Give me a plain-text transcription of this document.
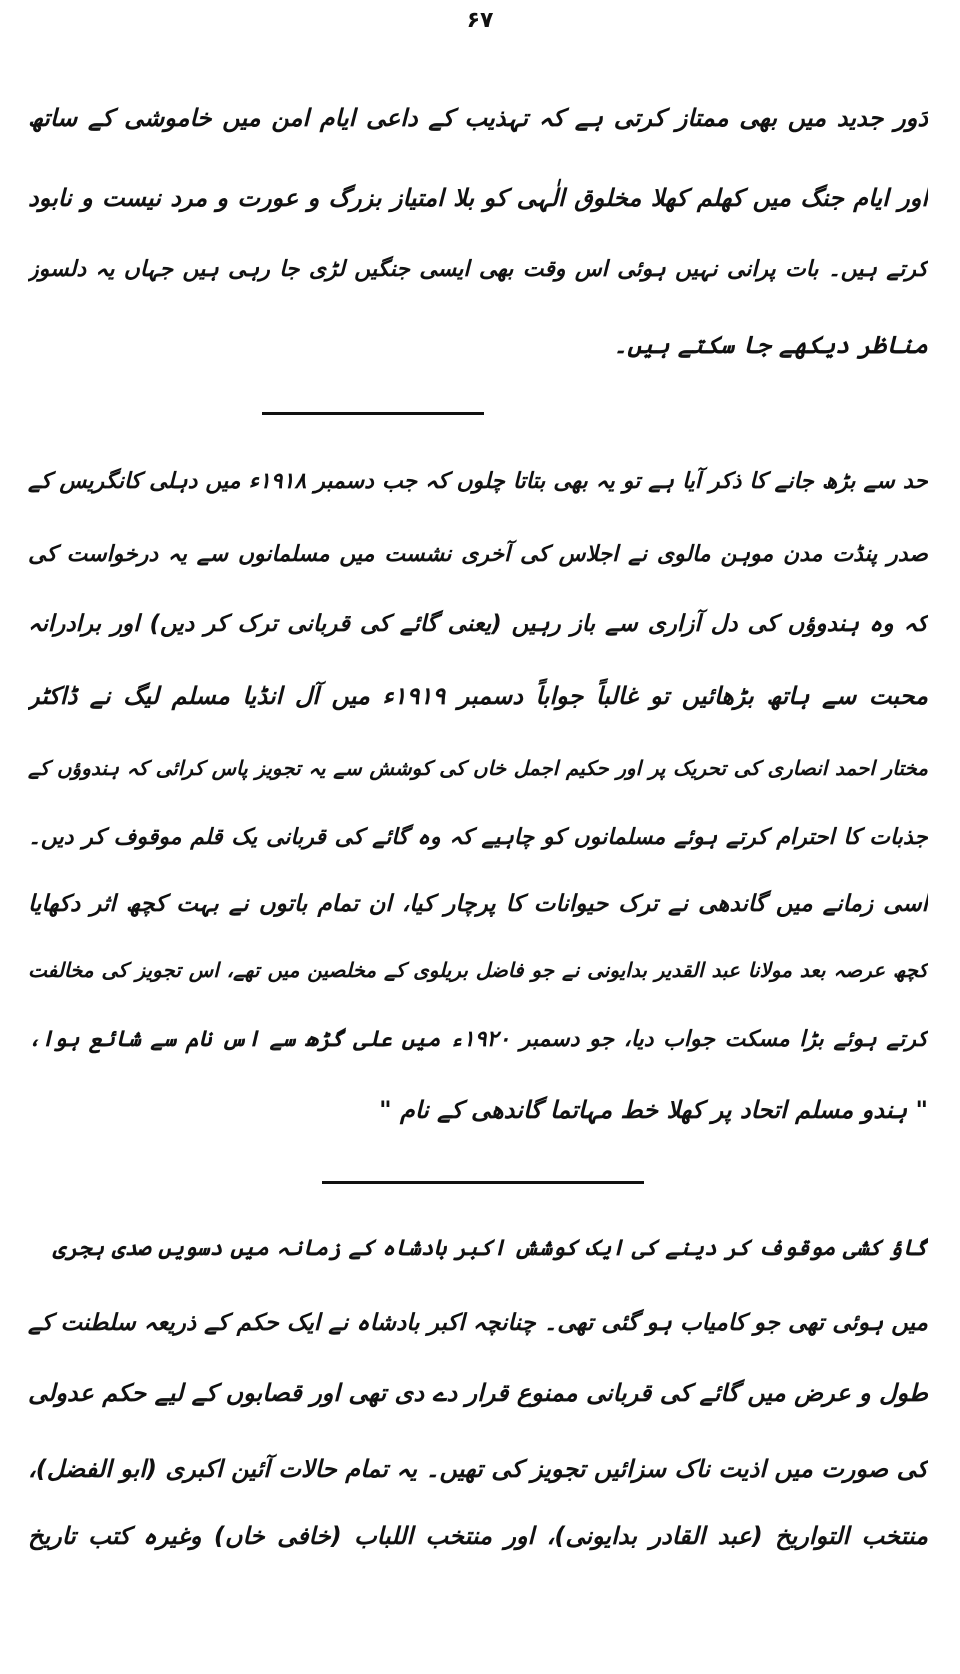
۶۷
دَور جدید میں بھی ممتاز کرتی ہے کہ تہذیب کے داعی ایام امن میں خاموشی کے ساتھ
اور ایام جنگ میں کھلم کھلا مخلوق الٰہی کو بلا امتیاز بزرگ و عورت و مرد نیست و نابود
کرتے ہیں۔ بات پرانی نہیں ہوئی اس وقت بھی ایسی جنگیں لڑی جا رہی ہیں جہاں یہ دلسوز
مناظر دیکھے جا سکتے ہیں۔
حد سے بڑھ جانے کا ذکر آیا ہے تو یہ بھی بتاتا چلوں کہ جب دسمبر ۱۹۱۸ء میں دہلی کانگریس کے
صدر پنڈت مدن موہن مالوی نے اجلاس کی آخری نشست میں مسلمانوں سے یہ درخواست کی
کہ وہ ہندوؤں کی دل آزاری سے باز رہیں (یعنی گائے کی قربانی ترک کر دیں) اور برادرانہ
محبت سے ہاتھ بڑھائیں تو غالباً جواباً دسمبر ۱۹۱۹ء میں آل انڈیا مسلم لیگ نے ڈاکٹر
مختار احمد انصاری کی تحریک پر اور حکیم اجمل خاں کی کوشش سے یہ تجویز پاس کرائی کہ ہندوؤں کے
جذبات کا احترام کرتے ہوئے مسلمانوں کو چاہیے کہ وہ گائے کی قربانی یک قلم موقوف کر دیں۔
اسی زمانے میں گاندھی نے ترک حیوانات کا پرچار کیا، ان تمام باتوں نے بہت کچھ اثر دکھایا
کچھ عرصہ بعد مولانا عبد القدیر بدایونی نے جو فاضل بریلوی کے مخلصین میں تھے، اس تجویز کی مخالفت
کرتے ہوئے بڑا مسکت جواب دیا، جو دسمبر ۱۹۲۰ء میں علی گڑھ سے اس نام سے شائع ہوا،
" ہندو مسلم اتحاد پر کھلا خط مہاتما گاندھی کے نام "
گاؤ کشی موقوف کر دینے کی ایک کوشش اکبر بادشاہ کے زمانہ میں دسویں صدی ہجری
میں ہوئی تھی جو کامیاب ہو گئی تھی۔ چنانچہ اکبر بادشاہ نے ایک حکم کے ذریعہ سلطنت کے
طول و عرض میں گائے کی قربانی ممنوع قرار دے دی تھی اور قصابوں کے لیے حکم عدولی
کی صورت میں اذیت ناک سزائیں تجویز کی تھیں۔ یہ تمام حالات آئین اکبری (ابو الفضل)،
منتخب التواریخ (عبد القادر بدایونی)، اور منتخب اللباب (خافی خاں) وغیرہ کتب تاریخ
